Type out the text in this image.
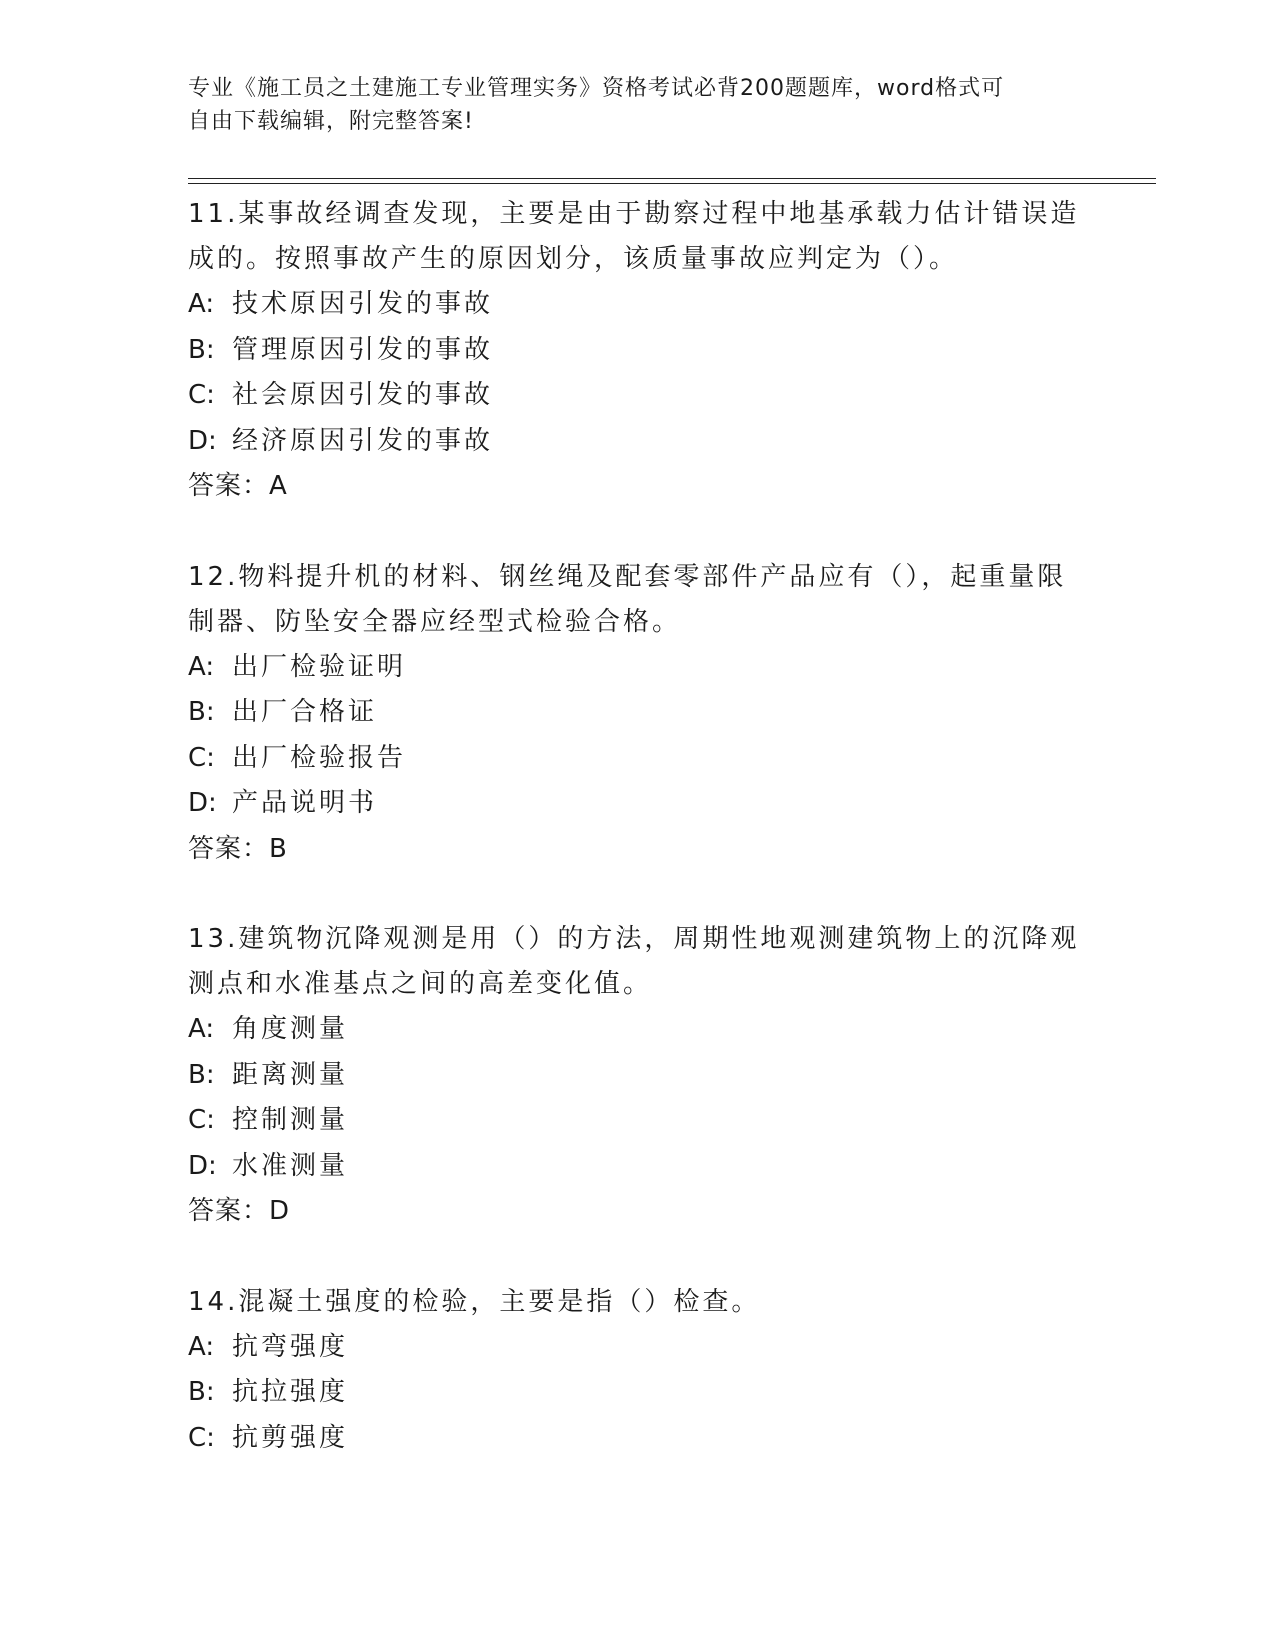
专业《施工员之土建施工专业管理实务》资格考试必背200题题库，word格式可
自由下载编辑，附完整答案!

11.某事故经调查发现，主要是由于勘察过程中地基承载力估计错误造成的。按照事故产生的原因划分，该质量事故应判定为（）。

A: 技术原因引发的事故

B: 管理原因引发的事故

C: 社会原因引发的事故

D: 经济原因引发的事故

答案：A

12.物料提升机的材料、钢丝绳及配套零部件产品应有（），起重量限制器、防坠安全器应经型式检验合格。

A: 出厂检验证明

B: 出厂合格证

C: 出厂检验报告

D: 产品说明书

答案：B

13.建筑物沉降观测是用（）的方法，周期性地观测建筑物上的沉降观测点和水准基点之间的高差变化值。

A: 角度测量

B: 距离测量

C: 控制测量

D: 水准测量

答案：D

14.混凝土强度的检验，主要是指（）检查。

A: 抗弯强度

B: 抗拉强度

C: 抗剪强度
